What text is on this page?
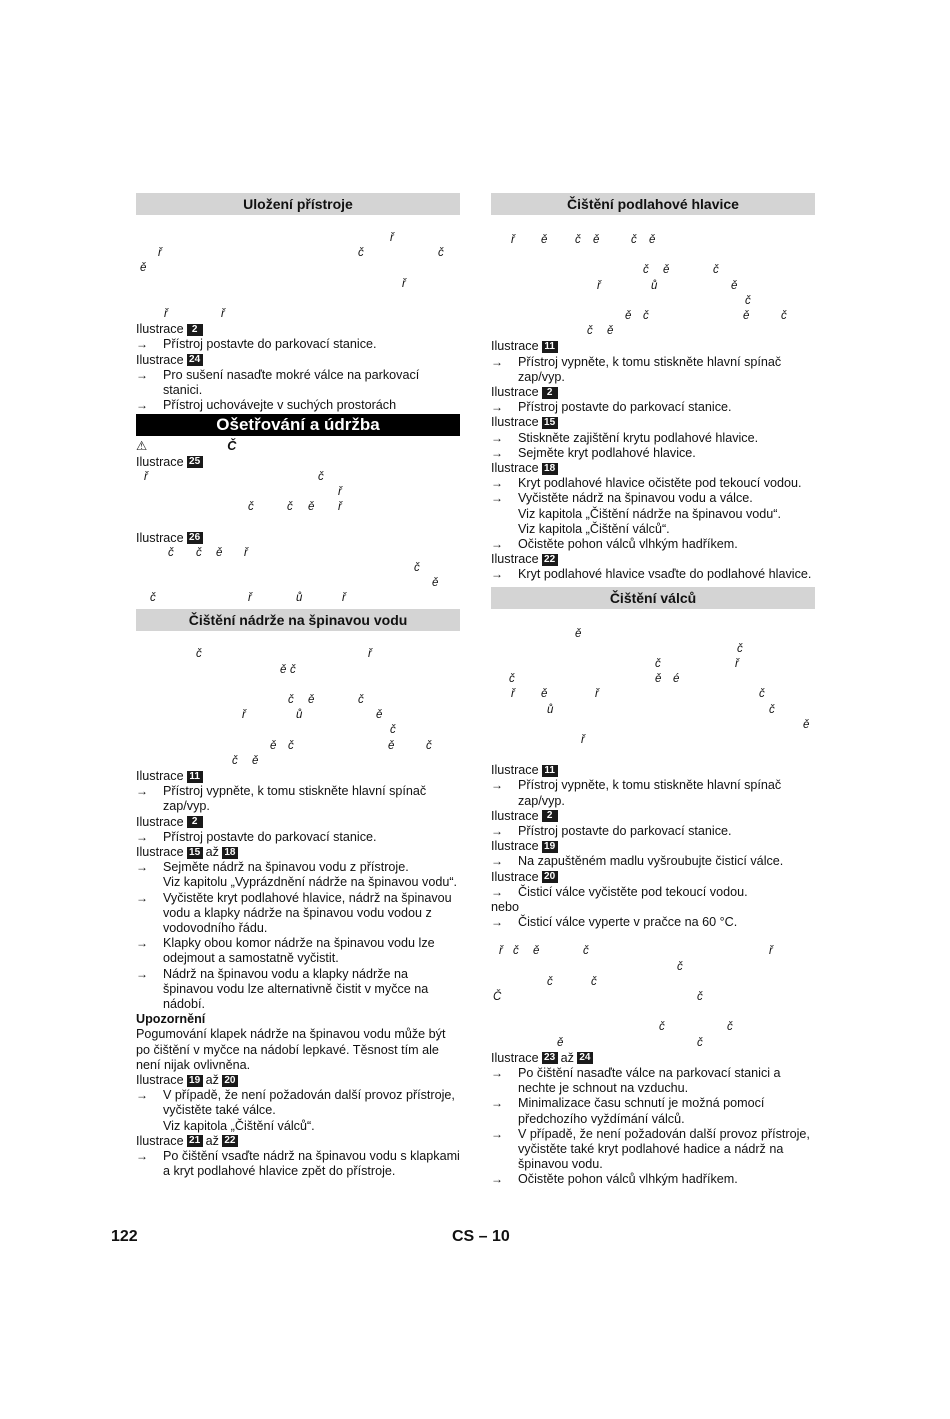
Uložení přístroje
ř
ř	č	č
ě
ř
ř	ř
Ilustrace 2
→	Přístroj postavte do parkovací stanice.
Ilustrace 24
→	Pro sušení nasaďte mokré válce na parkovací stanici.
→	Přístroj uchovávejte v suchých prostorách
Ošetřování a údržba
⚠	Č
Ilustrace 25
ř	č
ř
č	č ě ř
Ilustrace 26
č č ě ř
č
ě
č	ř	ů	ř
Čištění nádrže na špinavou vodu
č	ř
ě č
č ě	č
ř	ů	ě
č
ě č	ě	č
č ě
Ilustrace 11
→	Přístroj vypněte, k tomu stiskněte hlavní spínač zap/vyp.
Ilustrace 2
→	Přístroj postavte do parkovací stanice.
Ilustrace 15 až 18
→	Sejměte nádrž na špinavou vodu z přístroje.
Viz kapitolu „Vyprázdnění nádrže na špinavou vodu“.
→	Vyčistěte kryt podlahové hlavice, nádrž na špinavou vodu a klapky nádrže na špinavou vodu vodou z vodovodního řádu.
→	Klapky obou komor nádrže na špinavou vodu lze odejmout a samostatně vyčistit.
→	Nádrž na špinavou vodu a klapky nádrže na špinavou vodu lze alternativně čistit v myčce na nádobí.
Upozornění
Pogumování klapek nádrže na špinavou vodu může být po čištění v myčce na nádobí lepkavé. Těsnost tím ale není nijak ovlivněna.
Ilustrace 19 až 20
→	V případě, že není požadován další provoz přístroje, vyčistěte také válce.
Viz kapitola „Čištění válců“.
Ilustrace 21 až 22
→	Po čištění vsaďte nádrž na špinavou vodu s klapkami a kryt podlahové hlavice zpět do přístroje.
Čištění podlahové hlavice
ř ě č ě	č ě
č ě	č
ř	ů	ě
č
ě č	ě	č
č ě
Ilustrace 11
→	Přístroj vypněte, k tomu stiskněte hlavní spínač zap/vyp.
Ilustrace 2
→	Přístroj postavte do parkovací stanice.
Ilustrace 15
→	Stiskněte zajištění krytu podlahové hlavice.
→	Sejměte kryt podlahové hlavice.
Ilustrace 18
→	Kryt podlahové hlavice očistěte pod tekoucí vodou.
→	Vyčistěte nádrž na špinavou vodu a válce.
Viz kapitola „Čištění nádrže na špinavou vodu“.
Viz kapitola „Čištění válců“.
→	Očistěte pohon válců vlhkým hadříkem.
Ilustrace 22
→	Kryt podlahové hlavice vsaďte do podlahové hlavice.
Čištění válců
ě
č
č	ř
č	ě é
ř ě	ř	č
ů	č
ě
ř
Ilustrace 11
→	Přístroj vypněte, k tomu stiskněte hlavní spínač zap/vyp.
Ilustrace 2
→	Přístroj postavte do parkovací stanice.
Ilustrace 19
→	Na zapuštěném madlu vyšroubujte čisticí válce.
Ilustrace 20
→	Čisticí válce vyčistěte pod tekoucí vodou.
nebo
→	Čisticí válce vyperte v pračce na 60 °C.
ř č ě	č	ř
č
č	č
Č	č
č	č
ě	č
Ilustrace 23 až 24
→	Po čištění nasaďte válce na parkovací stanici a nechte je schnout na vzduchu.
→	Minimalizace času schnutí je možná pomocí předchozího vyždímání válců.
→	V případě, že není požadován další provoz přístroje, vyčistěte také kryt podlahové hadice a nádrž na špinavou vodu.
→	Očistěte pohon válců vlhkým hadříkem.
122	CS – 10
